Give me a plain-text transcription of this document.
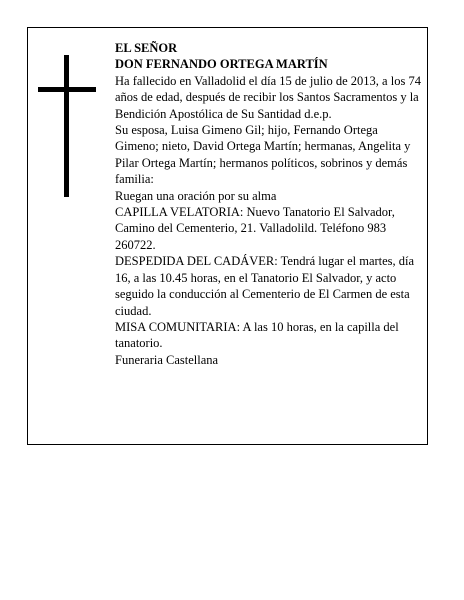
EL SEÑOR

DON FERNANDO ORTEGA MARTÍN

Ha fallecido en Valladolid el día 15 de julio de 2013, a los 74 años de edad, después de recibir los Santos Sacramentos y la Bendición Apostólica de Su Santidad d.e.p.

Su esposa, Luisa Gimeno Gil; hijo, Fernando Ortega Gimeno; nieto, David Ortega Martín; hermanas, Angelita y Pilar Ortega Martín; hermanos políticos, sobrinos y demás familia:

Ruegan una oración por su alma

CAPILLA VELATORIA: Nuevo Tanatorio El Salvador, Camino del Cementerio, 21. Valladolild. Teléfono 983 260722.

DESPEDIDA DEL CADÁVER: Tendrá lugar el martes, día 16, a las 10.45 horas, en el Tanatorio El Salvador, y acto seguido la conducción al Cementerio de El Carmen de esta ciudad.

MISA COMUNITARIA: A las 10 horas, en la capilla del tanatorio.

Funeraria Castellana
